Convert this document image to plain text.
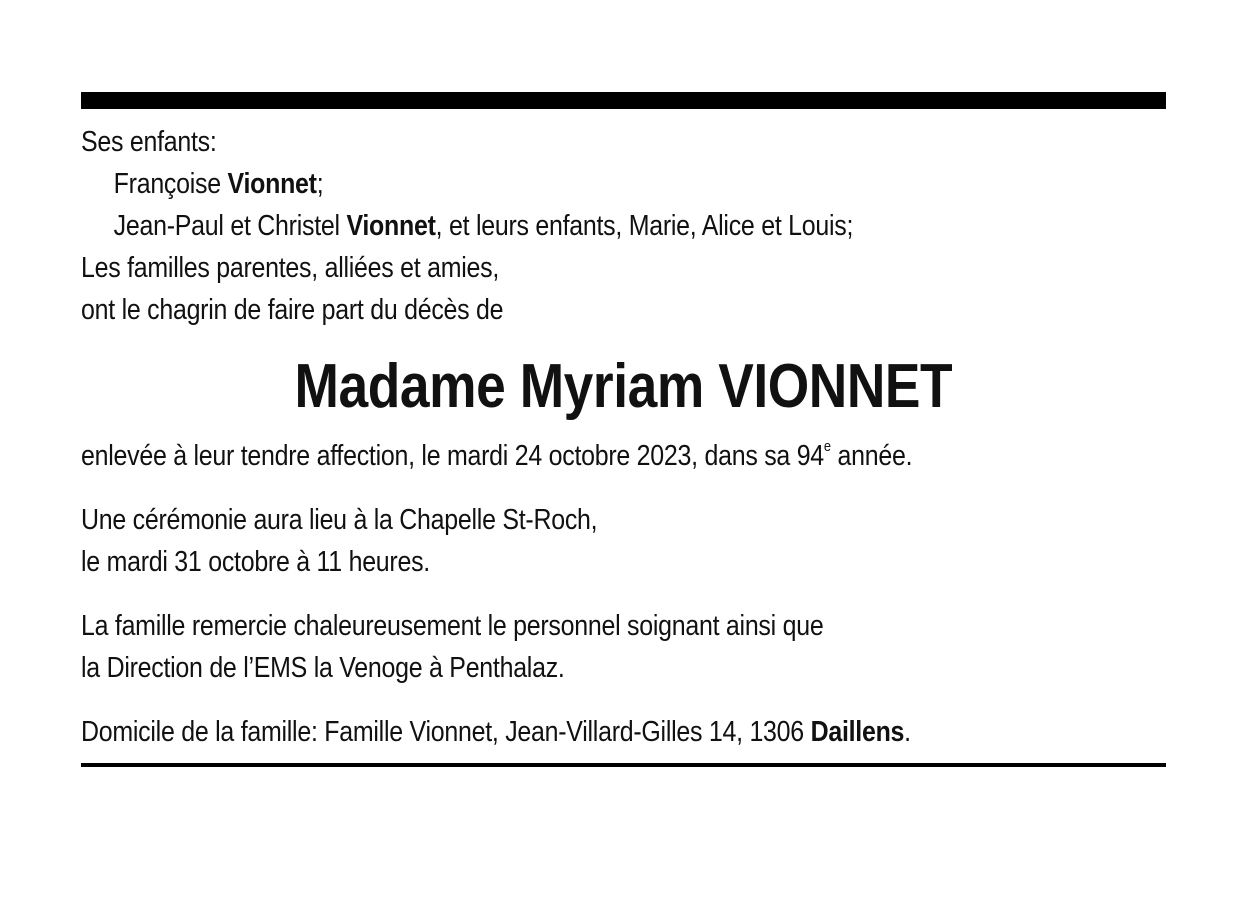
Ses enfants:
Françoise Vionnet;
Jean-Paul et Christel Vionnet, et leurs enfants, Marie, Alice et Louis;
Les familles parentes, alliées et amies,
ont le chagrin de faire part du décès de
Madame Myriam VIONNET
enlevée à leur tendre affection, le mardi 24 octobre 2023, dans sa 94e année.
Une cérémonie aura lieu à la Chapelle St-Roch,
le mardi 31 octobre à 11 heures.
La famille remercie chaleureusement le personnel soignant ainsi que
la Direction de l’EMS la Venoge à Penthalaz.
Domicile de la famille: Famille Vionnet, Jean-Villard-Gilles 14, 1306 Daillens.
